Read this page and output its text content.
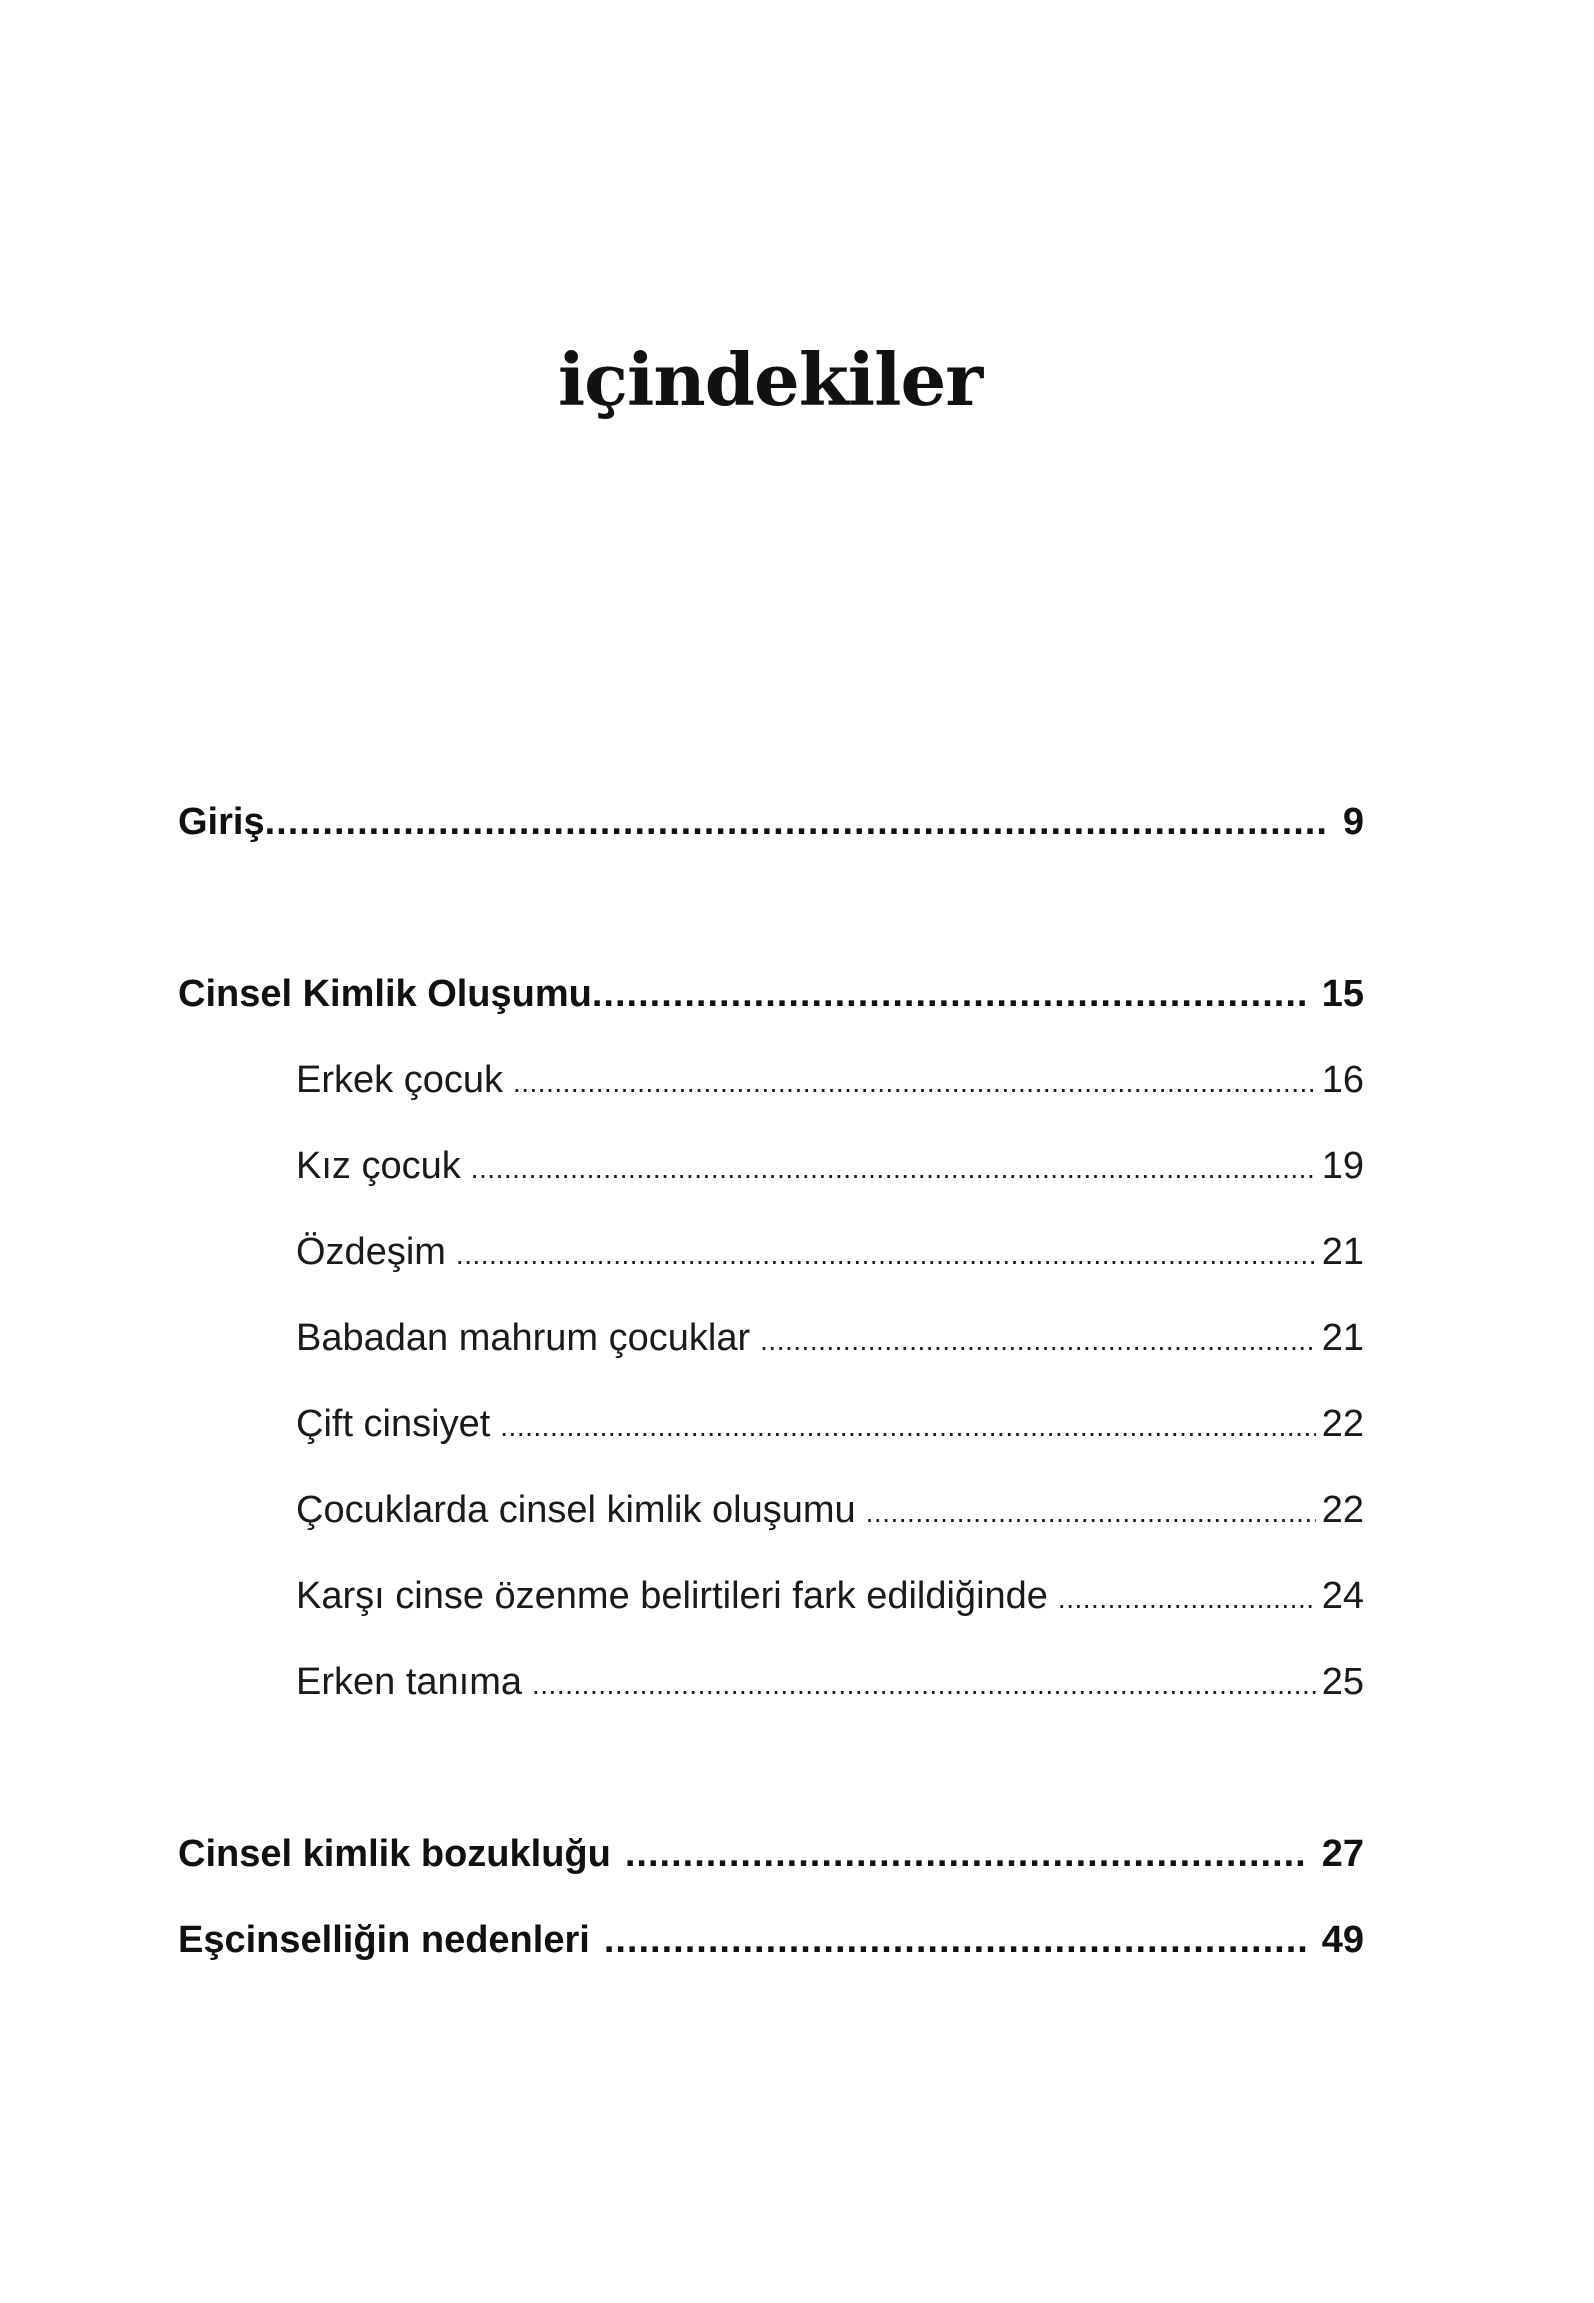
içindekiler
Giriş .....	9
Cinsel Kimlik Oluşumu .....	15
Erkek çocuk .....	16
Kız çocuk .....	19
Özdeşim .....	21
Babadan mahrum çocuklar .....	21
Çift cinsiyet .....	22
Çocuklarda cinsel kimlik oluşumu .....	22
Karşı cinse özenme belirtileri fark edildiğinde .....	24
Erken tanıma .....	25
Cinsel kimlik bozukluğu .....	27
Eşcinselliğin nedenleri .....	49
